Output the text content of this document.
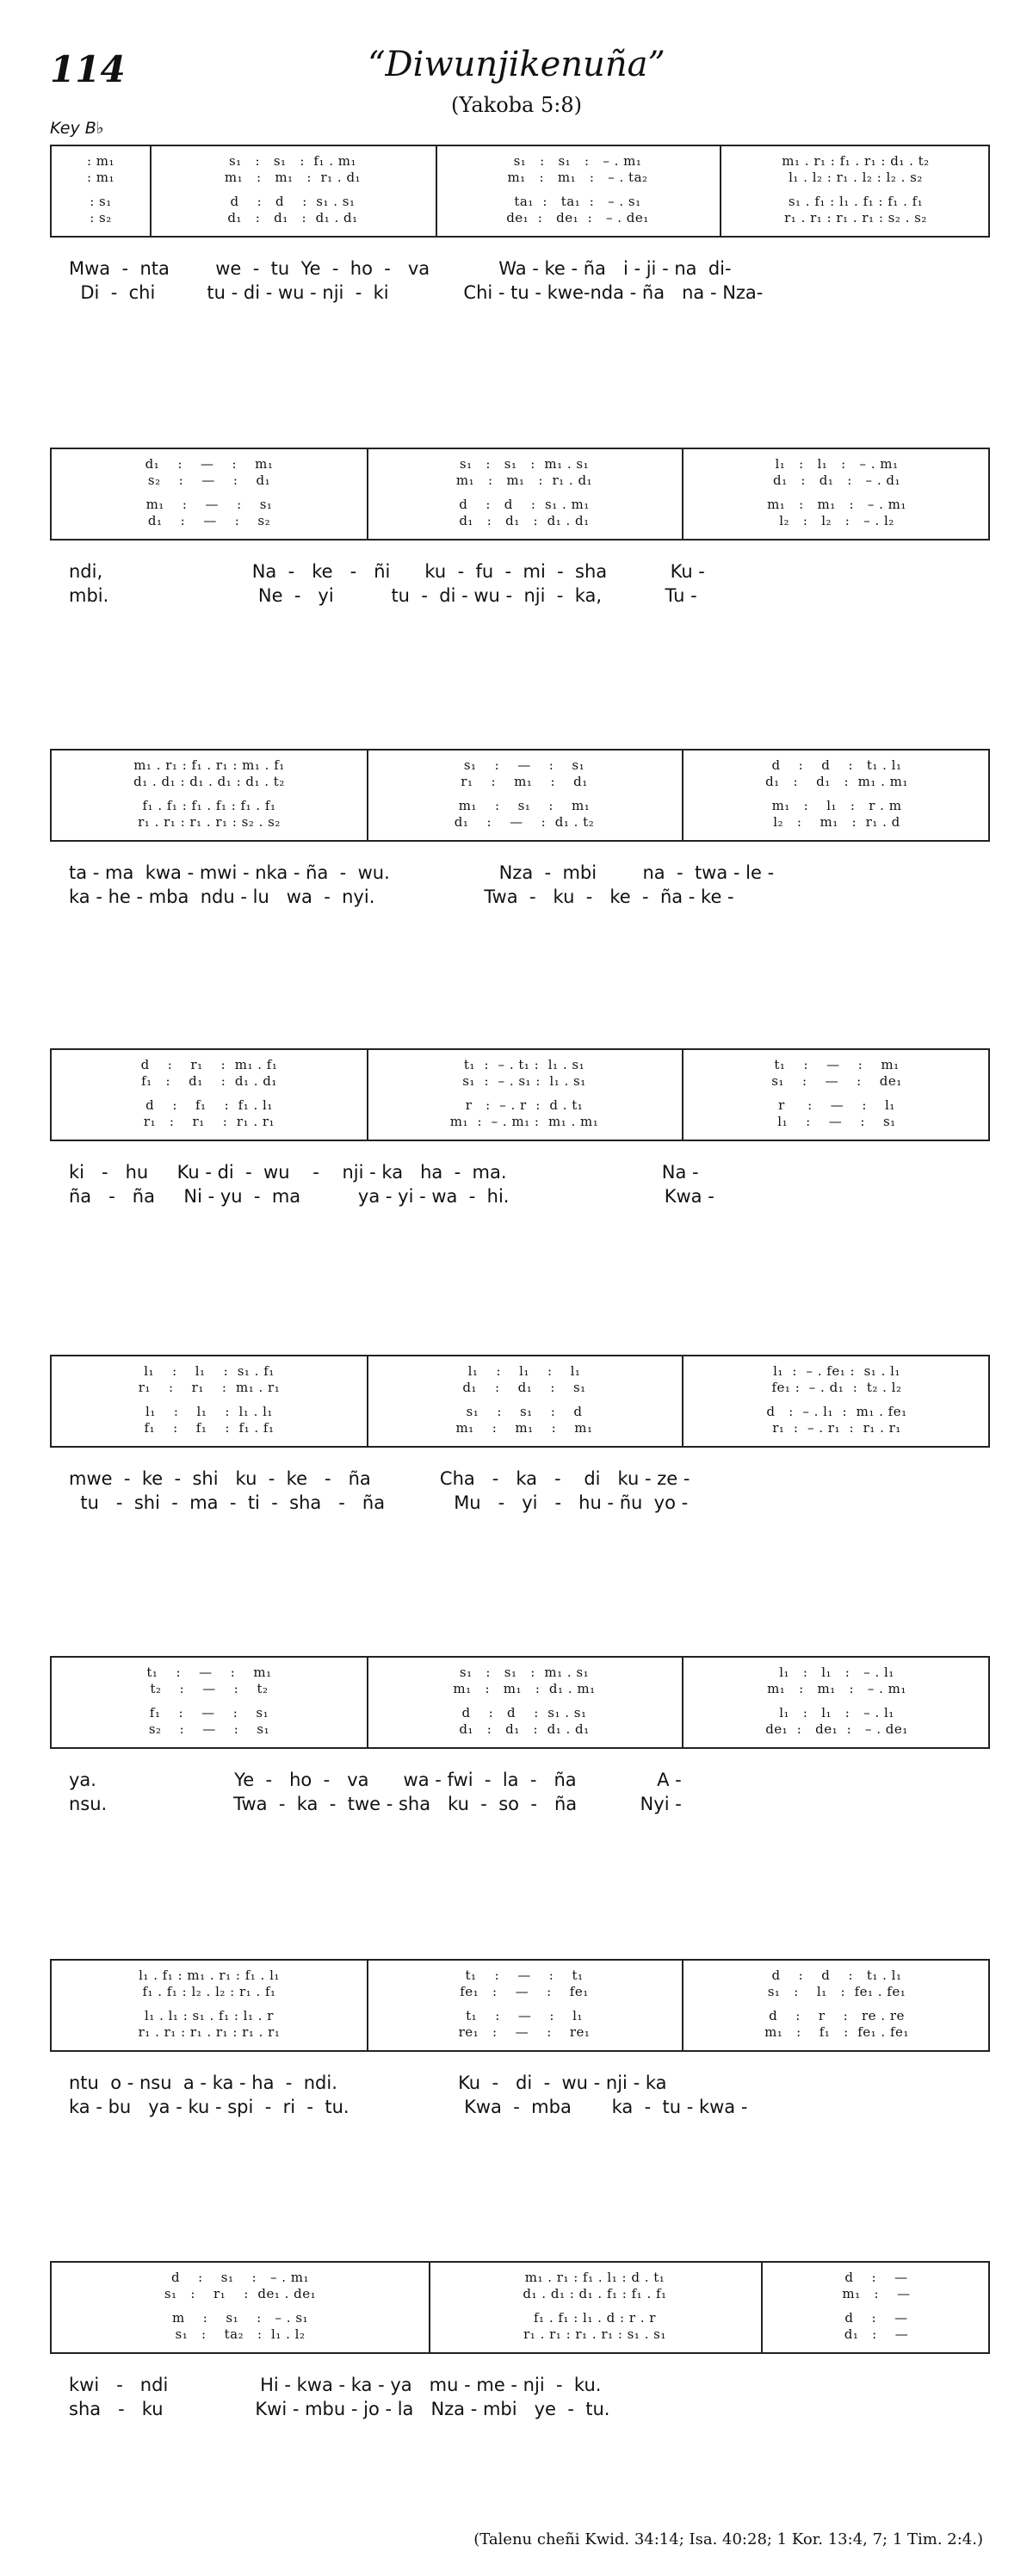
114	“Diwunjikenuña”
(Yakoba 5:8)
Key B♭
: m₁
: m₁
: s₁
: s₂
s₁   :   s₁   :  f₁ . m₁
m₁   :   m₁   :  r₁ . d₁
d    :   d    :  s₁ . s₁
d₁   :   d₁   :  d₁ . d₁
s₁   :   s₁   :   – . m₁
m₁   :   m₁   :   – . ta₂
ta₁  :   ta₁  :   – . s₁
de₁  :   de₁  :   – . de₁
m₁ . r₁ : f₁ . r₁ : d₁ . t₂
l₁ . l₂ : r₁ . l₂ : l₂ . s₂
s₁ . f₁ : l₁ . f₁ : f₁ . f₁
r₁ . r₁ : r₁ . r₁ : s₂ . s₂
Mwa  -  nta        we  -  tu  Ye  -  ho  -   va            Wa - ke - ña   i - ji - na  di-
Di  -  chi         tu - di - wu - nji  -  ki             Chi - tu - kwe-nda - ña   na - Nza-
d₁    :    —    :    m₁
s₂    :    —    :    d₁
m₁    :    —    :    s₁
d₁    :    —    :    s₂
s₁   :   s₁   :  m₁ . s₁
m₁   :   m₁   :  r₁ . d₁
d    :   d    :  s₁ . m₁
d₁   :   d₁   :  d₁ . d₁
l₁   :   l₁   :   – . m₁
d₁   :   d₁   :   – . d₁
m₁   :   m₁   :   – . m₁
l₂   :   l₂   :   – . l₂
ndi,                          Na  -   ke   -   ñi      ku  -  fu  -  mi  -  sha           Ku -
mbi.                          Ne  -   yi          tu  -  di - wu -  nji  -  ka,           Tu -
m₁ . r₁ : f₁ . r₁ : m₁ . f₁
d₁ . d₁ : d₁ . d₁ : d₁ . t₂
f₁ . f₁ : f₁ . f₁ : f₁ . f₁
r₁ . r₁ : r₁ . r₁ : s₂ . s₂
s₁    :    —    :    s₁
r₁    :    m₁    :    d₁
m₁    :    s₁    :    m₁
d₁    :    —    :  d₁ . t₂
d    :    d    :   t₁ . l₁
d₁   :    d₁   :  m₁ . m₁
m₁   :    l₁   :   r . m
l₂   :    m₁   :  r₁ . d
ta - ma  kwa - mwi - nka - ña  -  wu.                   Nza  -  mbi        na  -  twa - le -
ka - he - mba  ndu - lu   wa  -  nyi.                   Twa  -   ku  -   ke  -  ña - ke -
d    :    r₁    :  m₁ . f₁
f₁   :    d₁    :  d₁ . d₁
d    :    f₁    :  f₁ . l₁
r₁   :    r₁    :  r₁ . r₁
t₁  :  – . t₁ :  l₁ . s₁
s₁  :  – . s₁ :  l₁ . s₁
r   :  – . r  :  d . t₁
m₁  :  – . m₁ :  m₁ . m₁
t₁    :    —    :    m₁
s₁    :    —    :    de₁
r     :    —    :    l₁
l₁    :    —    :    s₁
ki   -   hu     Ku - di  -  wu    -    nji - ka   ha  -  ma.                           Na -
ña   -   ña     Ni - yu  -  ma          ya - yi - wa  -  hi.                           Kwa -
l₁    :    l₁    :  s₁ . f₁
r₁    :    r₁    :  m₁ . r₁
l₁    :    l₁    :  l₁ . l₁
f₁    :    f₁    :  f₁ . f₁
l₁    :    l₁    :    l₁
d₁    :    d₁    :    s₁
s₁    :    s₁    :    d
m₁    :    m₁    :    m₁
l₁  :  – . fe₁ :  s₁ . l₁
fe₁ :  – . d₁  :  t₂ . l₂
d   :  – . l₁  :  m₁ . fe₁
r₁  :  – . r₁  :  r₁ . r₁
mwe  -  ke  -  shi   ku  -  ke   -   ña            Cha   -   ka   -    di   ku - ze -
tu   -  shi  -  ma  -  ti  -  sha   -   ña            Mu   -   yi   -   hu - ñu  yo -
t₁    :    —    :    m₁
t₂    :    —    :    t₂
f₁    :    —    :    s₁
s₂    :    —    :    s₁
s₁   :   s₁   :  m₁ . s₁
m₁   :   m₁   :  d₁ . m₁
d    :   d    :  s₁ . s₁
d₁   :   d₁   :  d₁ . d₁
l₁   :   l₁   :   – . l₁
m₁   :   m₁   :   – . m₁
l₁   :   l₁   :   – . l₁
de₁  :   de₁  :   – . de₁
ya.                        Ye  -   ho  -   va      wa - fwi  -  la  -   ña              A -
nsu.                      Twa  -  ka  -  twe - sha   ku  -  so  -   ña           Nyi -
l₁ . f₁ : m₁ . r₁ : f₁ . l₁
f₁ . f₁ : l₂ . l₂ : r₁ . f₁
l₁ . l₁ : s₁ . f₁ : l₁ . r
r₁ . r₁ : r₁ . r₁ : r₁ . r₁
t₁    :    —    :    t₁
fe₁   :    —    :    fe₁
t₁    :    —    :    l₁
re₁   :    —    :    re₁
d    :    d    :   t₁ . l₁
s₁   :    l₁   :  fe₁ . fe₁
d    :    r    :   re . re
m₁   :    f₁   :  fe₁ . fe₁
ntu  o - nsu  a - ka - ha  -  ndi.                     Ku  -   di  -  wu - nji - ka
ka - bu   ya - ku - spi  -  ri  -  tu.                    Kwa  -  mba       ka  -  tu - kwa -
d    :    s₁    :   – . m₁
s₁   :    r₁    :  de₁ . de₁
m    :    s₁    :   – . s₁
s₁   :    ta₂   :  l₁ . l₂
m₁ . r₁ : f₁ . l₁ : d . t₁
d₁ . d₁ : d₁ . f₁ : f₁ . f₁
f₁ . f₁ : l₁ . d : r . r
r₁ . r₁ : r₁ . r₁ : s₁ . s₁
d    :    —
m₁   :    —
d    :    —
d₁   :    —
kwi   -   ndi                Hi - kwa - ka - ya   mu - me - nji  -  ku.
sha   -   ku                Kwi - mbu - jo - la   Nza - mbi   ye  -  tu.
(Talenu cheñi Kwid. 34:14; Isa. 40:28; 1 Kor. 13:4, 7; 1 Tim. 2:4.)
